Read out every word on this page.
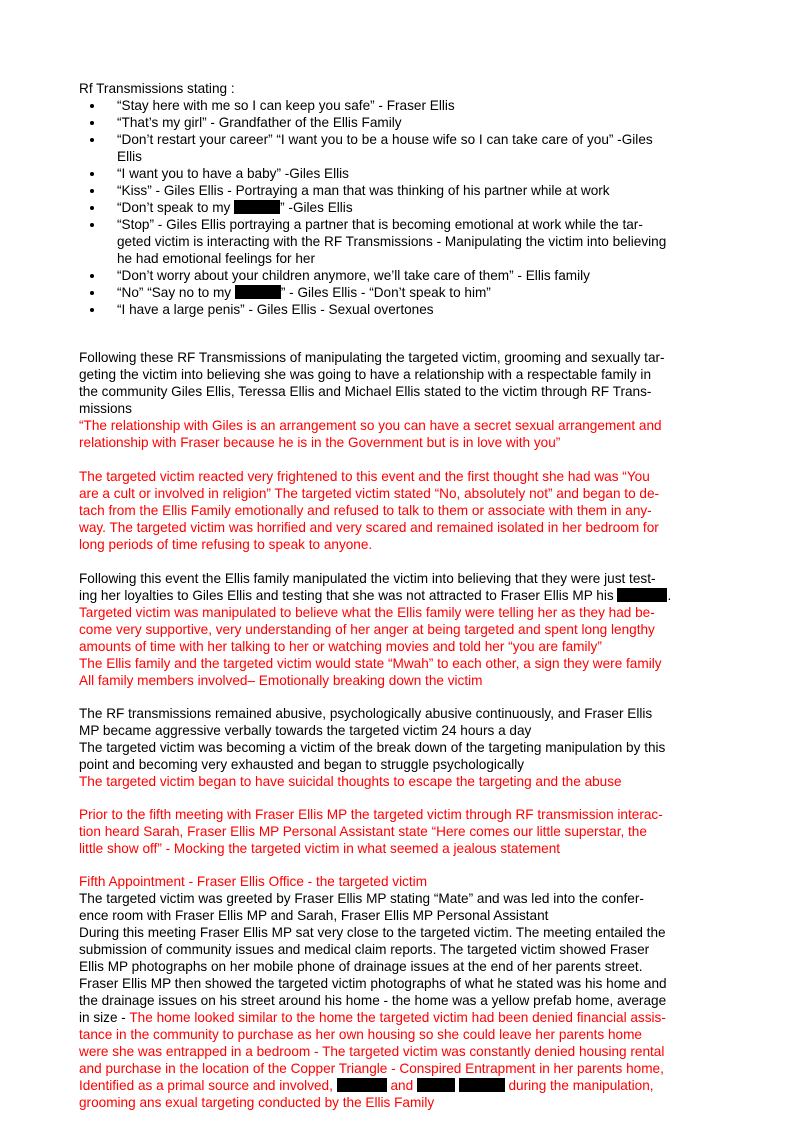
Rf Transmissions stating :
“Stay here with me so I can keep you safe” - Fraser Ellis
“That’s my girl” - Grandfather of the Ellis Family
“Don’t restart your career” “I want you to be a house wife so I can take care of you” -Giles
Ellis
“I want you to have a baby” -Giles Ellis
“Kiss” - Giles Ellis - Portraying a man that was thinking of his partner while at work
“Don’t speak to my	” -Giles Ellis
“Stop” - Giles Ellis portraying a partner that is becoming emotional at work while the tar-
geted victim is interacting with the RF Transmissions - Manipulating the victim into believing
he had emotional feelings for her
“Don’t worry about your children anymore, we’ll take care of them” - Ellis family
“No” “Say no to my	” - Giles Ellis - “Don’t speak to him”
“I have a large penis” - Giles Ellis - Sexual overtones
Following these RF Transmissions of manipulating the targeted victim, grooming and sexually tar-
geting the victim into believing she was going to have a relationship with a respectable family in
the community Giles Ellis, Teressa Ellis and Michael Ellis stated to the victim through RF Trans-
missions
“The relationship with Giles is an arrangement so you can have a secret sexual arrangement and
relationship with Fraser because he is in the Government but is in love with you”
The targeted victim reacted very frightened to this event and the first thought she had was “You
are a cult or involved in religion” The targeted victim stated “No, absolutely not” and began to de-
tach from the Ellis Family emotionally and refused to talk to them or associate with them in any-
way. The targeted victim was horrified and very scared and remained isolated in her bedroom for
long periods of time refusing to speak to anyone.
Following this event the Ellis family manipulated the victim into believing that they were just test-
ing her loyalties to Giles Ellis and testing that she was not attracted to Fraser Ellis MP his	.
Targeted victim was manipulated to believe what the Ellis family were telling her as they had be-
come very supportive, very understanding of her anger at being targeted and spent long lengthy
amounts of time with her talking to her or watching movies and told her “you are family”
The Ellis family and the targeted victim would state “Mwah” to each other, a sign they were family
All family members involved– Emotionally breaking down the victim
The RF transmissions remained abusive, psychologically abusive continuously, and Fraser Ellis
MP became aggressive verbally towards the targeted victim 24 hours a day
The targeted victim was becoming a victim of the break down of the targeting manipulation by this
point and becoming very exhausted and began to struggle psychologically
The targeted victim began to have suicidal thoughts to escape the targeting and the abuse
Prior to the fifth meeting with Fraser Ellis MP the targeted victim through RF transmission interac-
tion heard Sarah, Fraser Ellis MP Personal Assistant state “Here comes our little superstar, the
little show off” - Mocking the targeted victim in what seemed a jealous statement
Fifth Appointment - Fraser Ellis Office - the targeted victim
The targeted victim was greeted by Fraser Ellis MP stating “Mate” and was led into the confer-
ence room with Fraser Ellis MP and Sarah, Fraser Ellis MP Personal Assistant
During this meeting Fraser Ellis MP sat very close to the targeted victim. The meeting entailed the
submission of community issues and medical claim reports. The targeted victim showed Fraser
Ellis MP photographs on her mobile phone of drainage issues at the end of her parents street.
Fraser Ellis MP then showed the targeted victim photographs of what he stated was his home and
the drainage issues on his street around his home - the home was a yellow prefab home, average
in size - The home looked similar to the home the targeted victim had been denied financial assis-
tance in the community to purchase as her own housing so she could leave her parents home
were she was entrapped in a bedroom - The targeted victim was constantly denied housing rental
and purchase in the location of the Copper Triangle - Conspired Entrapment in her parents home,
Identified as a primal source and involved,	and	during the manipulation,
grooming ans exual targeting conducted by the Ellis Family
